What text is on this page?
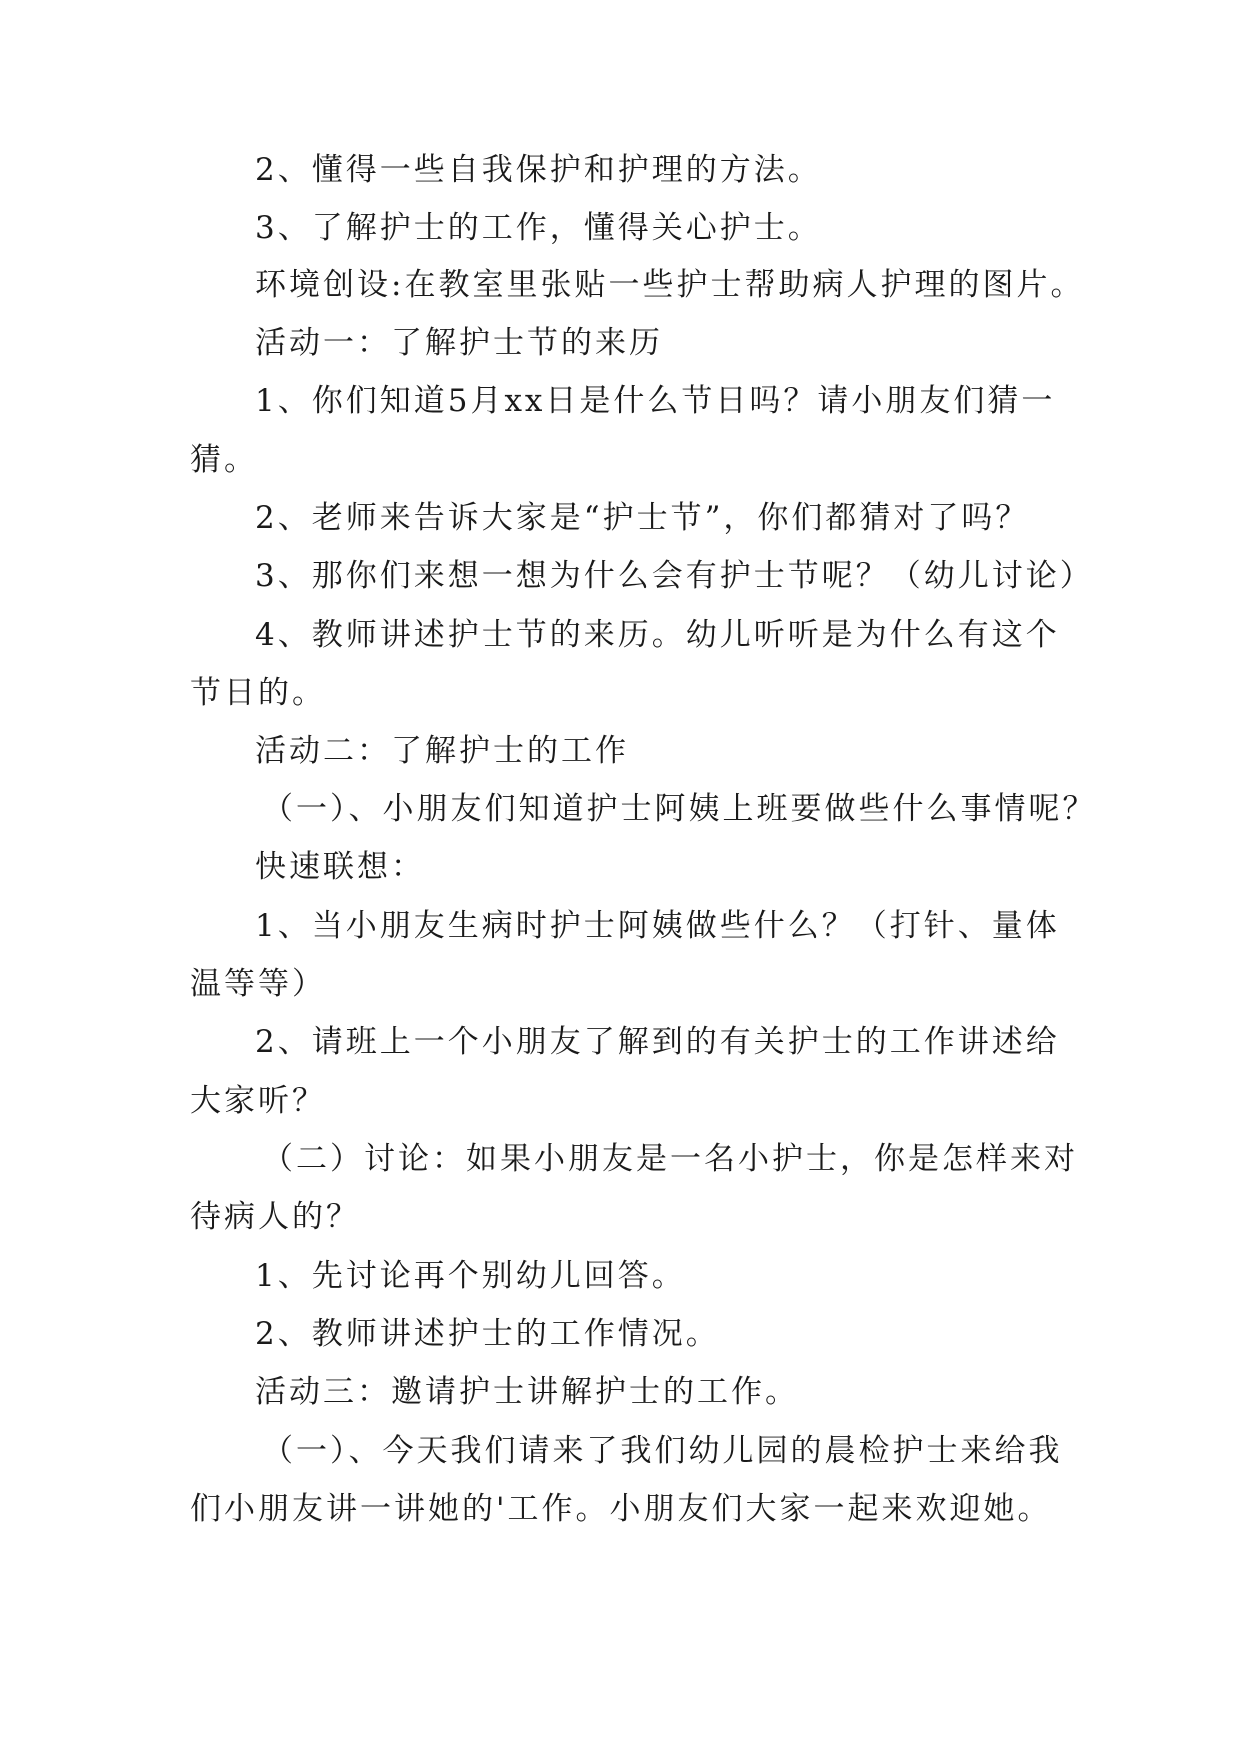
2、懂得一些自我保护和护理的方法。
3、了解护士的工作，懂得关心护士。
环境创设:在教室里张贴一些护士帮助病人护理的图片。
活动一：了解护士节的来历
1、你们知道5月xx日是什么节日吗？请小朋友们猜一
猜。
2、老师来告诉大家是“护士节”，你们都猜对了吗？
3、那你们来想一想为什么会有护士节呢？（幼儿讨论）
4、教师讲述护士节的来历。幼儿听听是为什么有这个
节日的。
活动二：了解护士的工作
（一）、小朋友们知道护士阿姨上班要做些什么事情呢？
快速联想：
1、当小朋友生病时护士阿姨做些什么？（打针、量体
温等等）
2、请班上一个小朋友了解到的有关护士的工作讲述给
大家听？
（二）讨论：如果小朋友是一名小护士，你是怎样来对
待病人的？
1、先讨论再个别幼儿回答。
2、教师讲述护士的工作情况。
活动三：邀请护士讲解护士的工作。
（一）、今天我们请来了我们幼儿园的晨检护士来给我
们小朋友讲一讲她的'工作。小朋友们大家一起来欢迎她。
